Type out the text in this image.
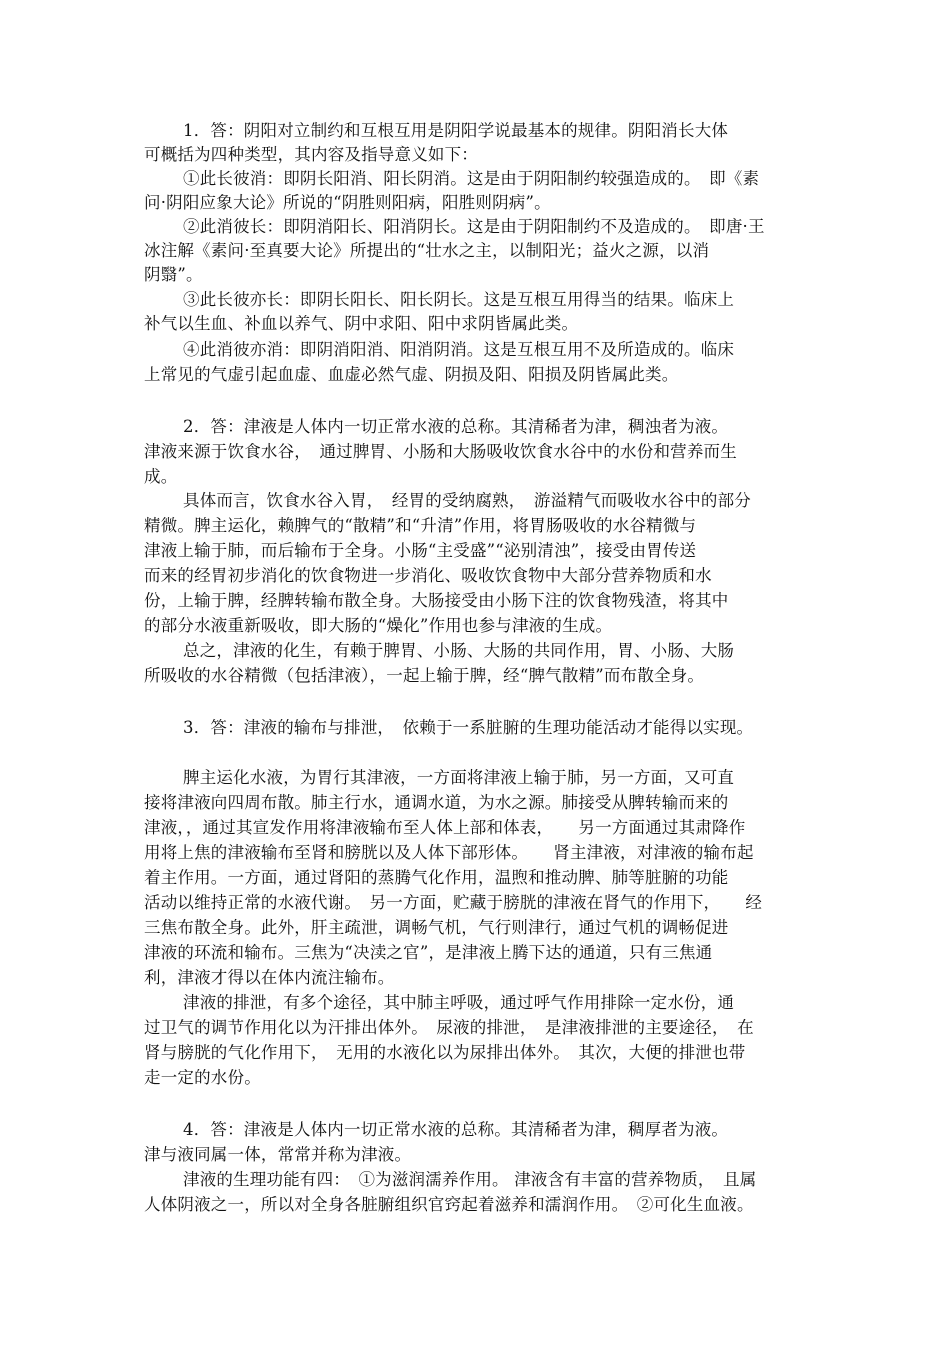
1．答：阴阳对立制约和互根互用是阴阳学说最基本的规律。阴阳消长大体
可概括为四种类型，其内容及指导意义如下：
①此长彼消：即阴长阳消、阳长阴消。这是由于阴阳制约较强造成的。　即《素
问·阴阳应象大论》所说的“阴胜则阳病，阳胜则阴病”。
②此消彼长：即阴消阳长、阳消阴长。这是由于阴阳制约不及造成的。　即唐·王
冰注解《素问·至真要大论》所提出的“壮水之主，以制阳光；益火之源，以消
阴翳”。
③此长彼亦长：即阴长阳长、阳长阴长。这是互根互用得当的结果。临床上
补气以生血、补血以养气、阴中求阳、阳中求阴皆属此类。
④此消彼亦消：即阴消阳消、阳消阴消。这是互根互用不及所造成的。临床
上常见的气虚引起血虚、血虚必然气虚、阴损及阳、阳损及阴皆属此类。
2．答：津液是人体内一切正常水液的总称。其清稀者为津，稠浊者为液。
津液来源于饮食水谷，　通过脾胃、小肠和大肠吸收饮食水谷中的水份和营养而生
成。
具体而言，饮食水谷入胃，　经胃的受纳腐熟，　游溢精气而吸收水谷中的部分
精微。脾主运化，赖脾气的“散精”和“升清”作用，将胃肠吸收的水谷精微与
津液上输于肺，而后输布于全身。小肠“主受盛”“泌别清浊”，接受由胃传送
而来的经胃初步消化的饮食物进一步消化、吸收饮食物中大部分营养物质和水
份，上输于脾，经脾转输布散全身。大肠接受由小肠下注的饮食物残渣，将其中
的部分水液重新吸收，即大肠的“燥化”作用也参与津液的生成。
总之，津液的化生，有赖于脾胃、小肠、大肠的共同作用，胃、小肠、大肠
所吸收的水谷精微（包括津液），一起上输于脾，经“脾气散精”而布散全身。
3．答：津液的输布与排泄，　依赖于一系脏腑的生理功能活动才能得以实现。
脾主运化水液，为胃行其津液，一方面将津液上输于肺，另一方面，又可直
接将津液向四周布散。肺主行水，通调水道，为水之源。肺接受从脾转输而来的
津液，，通过其宣发作用将津液输布至人体上部和体表，　　另一方面通过其肃降作
用将上焦的津液输布至肾和膀胱以及人体下部形体。　　肾主津液，对津液的输布起
着主作用。一方面，通过肾阳的蒸腾气化作用，温煦和推动脾、肺等脏腑的功能
活动以维持正常的水液代谢。　另一方面，贮藏于膀胱的津液在肾气的作用下，　　经
三焦布散全身。此外，肝主疏泄，调畅气机，气行则津行，通过气机的调畅促进
津液的环流和输布。三焦为“决渎之官”，是津液上腾下达的通道，只有三焦通
利，津液才得以在体内流注输布。
津液的排泄，有多个途径，其中肺主呼吸，通过呼气作用排除一定水份，通
过卫气的调节作用化以为汗排出体外。　尿液的排泄，　是津液排泄的主要途径，　在
肾与膀胱的气化作用下，　无用的水液化以为尿排出体外。　其次，大便的排泄也带
走一定的水份。
4．答：津液是人体内一切正常水液的总称。其清稀者为津，稠厚者为液。
津与液同属一体，常常并称为津液。
津液的生理功能有四：　①为滋润濡养作用。 津液含有丰富的营养物质，　且属
人体阴液之一，所以对全身各脏腑组织官窍起着滋养和濡润作用。　②可化生血液。
